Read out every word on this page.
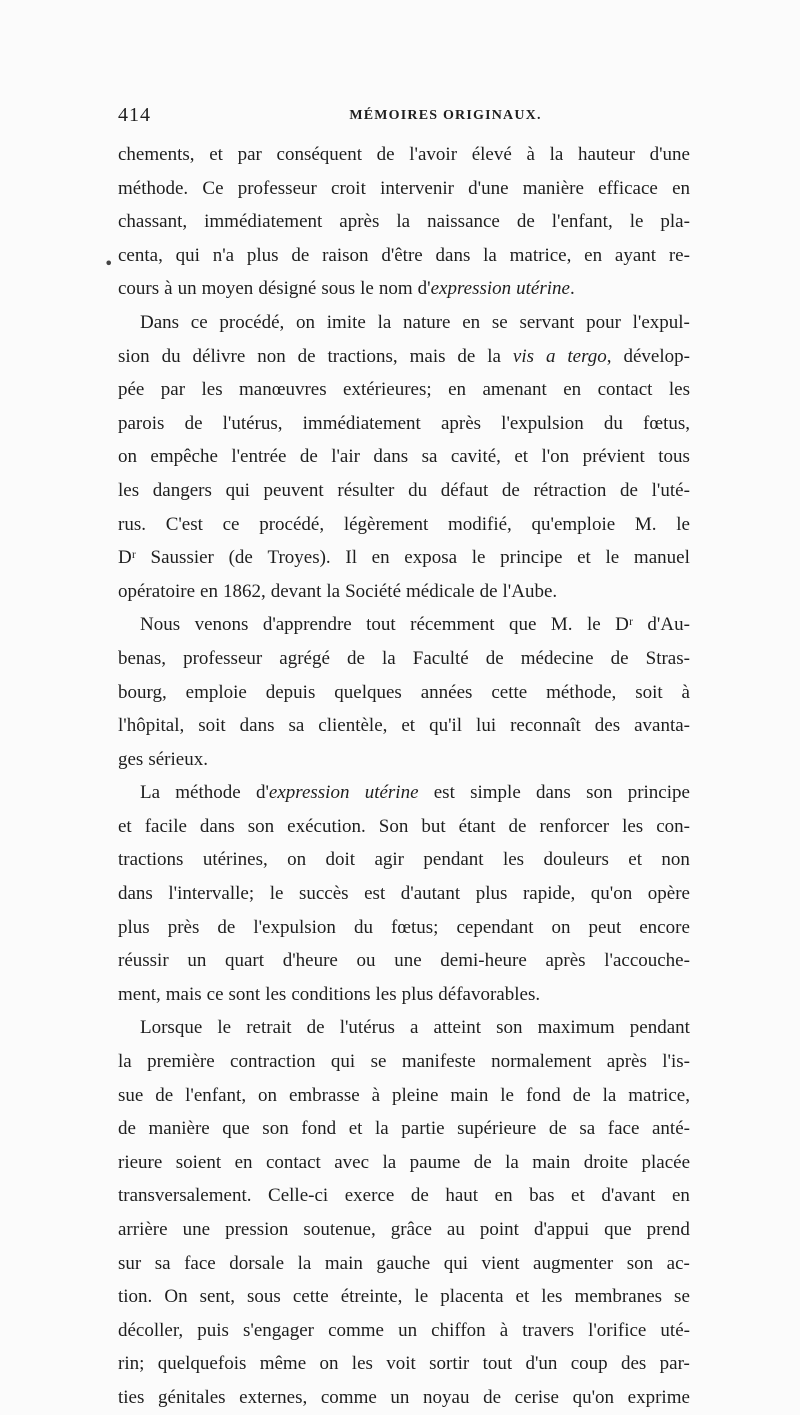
414	MÉMOIRES ORIGINAUX.
•
chements, et par conséquent de l'avoir élevé à la hauteur d'une
méthode. Ce professeur croit intervenir d'une manière efficace en
chassant, immédiatement après la naissance de l'enfant, le pla-
centa, qui n'a plus de raison d'être dans la matrice, en ayant re-
cours à un moyen désigné sous le nom d'expression utérine.
Dans ce procédé, on imite la nature en se servant pour l'expul-
sion du délivre non de tractions, mais de la vis a tergo, dévelop-
pée par les manœuvres extérieures; en amenant en contact les
parois de l'utérus, immédiatement après l'expulsion du fœtus,
on empêche l'entrée de l'air dans sa cavité, et l'on prévient tous
les dangers qui peuvent résulter du défaut de rétraction de l'uté-
rus. C'est ce procédé, légèrement modifié, qu'emploie M. le
Dʳ Saussier (de Troyes). Il en exposa le principe et le manuel
opératoire en 1862, devant la Société médicale de l'Aube.
Nous venons d'apprendre tout récemment que M. le Dʳ d'Au-
benas, professeur agrégé de la Faculté de médecine de Stras-
bourg, emploie depuis quelques années cette méthode, soit à
l'hôpital, soit dans sa clientèle, et qu'il lui reconnaît des avanta-
ges sérieux.
La méthode d'expression utérine est simple dans son principe
et facile dans son exécution. Son but étant de renforcer les con-
tractions utérines, on doit agir pendant les douleurs et non
dans l'intervalle; le succès est d'autant plus rapide, qu'on opère
plus près de l'expulsion du fœtus; cependant on peut encore
réussir un quart d'heure ou une demi-heure après l'accouche-
ment, mais ce sont les conditions les plus défavorables.
Lorsque le retrait de l'utérus a atteint son maximum pendant
la première contraction qui se manifeste normalement après l'is-
sue de l'enfant, on embrasse à pleine main le fond de la matrice,
de manière que son fond et la partie supérieure de sa face anté-
rieure soient en contact avec la paume de la main droite placée
transversalement. Celle-ci exerce de haut en bas et d'avant en
arrière une pression soutenue, grâce au point d'appui que prend
sur sa face dorsale la main gauche qui vient augmenter son ac-
tion. On sent, sous cette étreinte, le placenta et les membranes se
décoller, puis s'engager comme un chiffon à travers l'orifice uté-
rin; quelquefois même on les voit sortir tout d'un coup des par-
ties génitales externes, comme un noyau de cerise qu'on exprime
